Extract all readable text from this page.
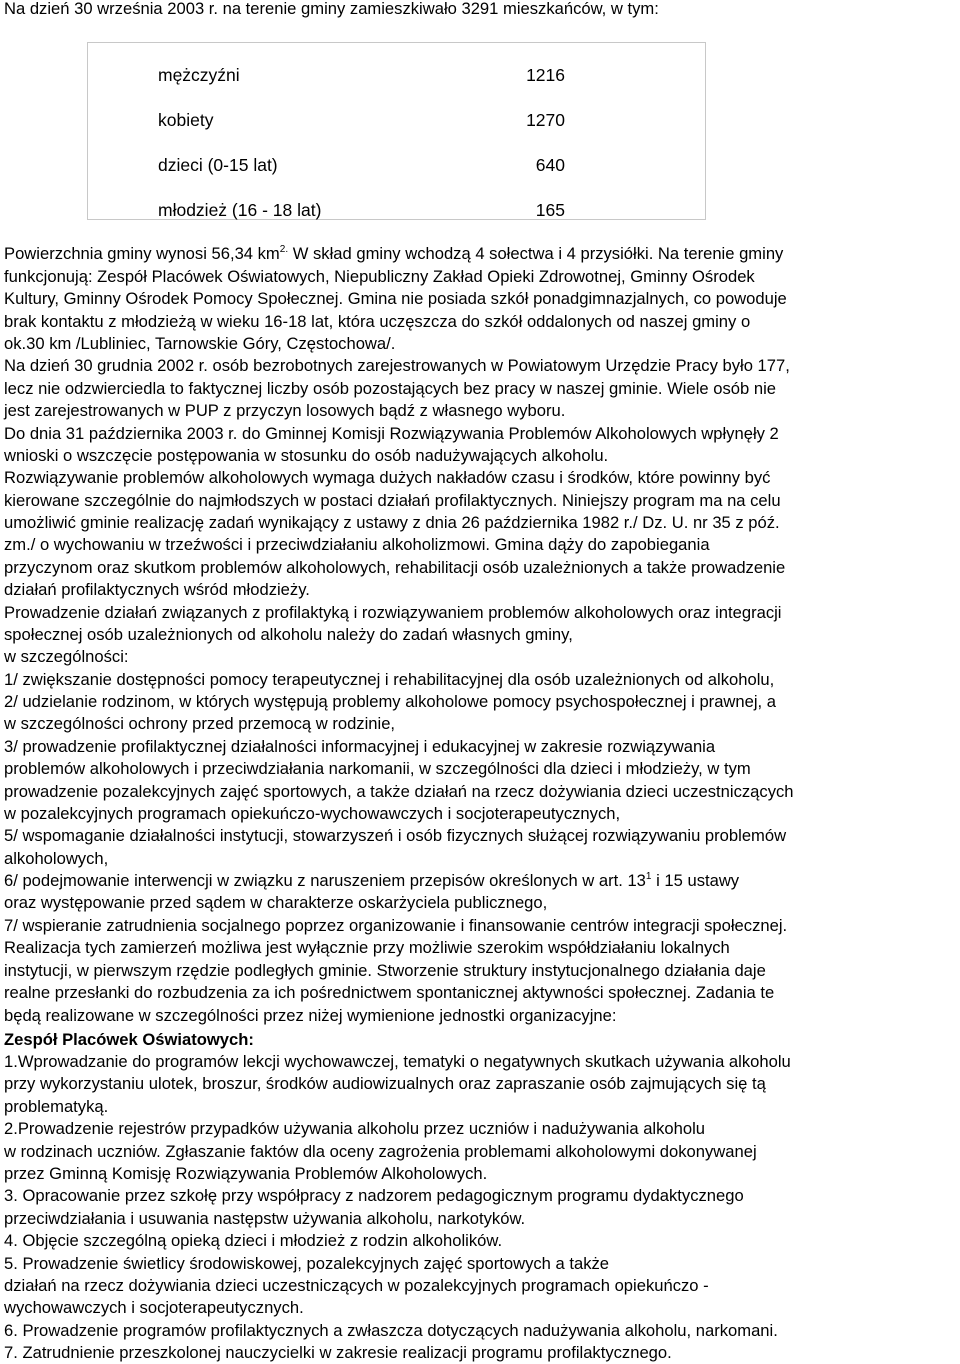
Na dzień 30 września 2003 r. na terenie gminy zamieszkiwało 3291 mieszkańców, w tym:
mężczyźni	1216
kobiety	1270
dzieci (0-15 lat)	640
młodzież (16 - 18 lat)	165
Powierzchnia gminy wynosi 56,34 $km^{2.}$ W skład gminy wchodzą 4 sołectwa i 4 przysiółki. Na terenie gminy
funkcjonują: Zespół Placówek Oświatowych, Niepubliczny Zakład Opieki Zdrowotnej, Gminny Ośrodek
Kultury, Gminny Ośrodek Pomocy Społecznej. Gmina nie posiada szkół ponadgimnazjalnych, co powoduje
brak kontaktu z młodzieżą w wieku 16-18 lat, która uczęszcza do szkół oddalonych od naszej gminy o
ok.30 km /Lubliniec, Tarnowskie Góry, Częstochowa/.
Na dzień 30 grudnia 2002 r. osób bezrobotnych zarejestrowanych w Powiatowym Urzędzie Pracy było 177,
lecz nie odzwierciedla to faktycznej liczby osób pozostających bez pracy w naszej gminie. Wiele osób nie
jest zarejestrowanych w PUP z przyczyn losowych bądź z własnego wyboru.
Do dnia 31 października 2003 r. do Gminnej Komisji Rozwiązywania Problemów Alkoholowych wpłynęły 2
wnioski o wszczęcie postępowania w stosunku do osób nadużywających alkoholu.
Rozwiązywanie problemów alkoholowych wymaga dużych nakładów czasu i środków, które powinny być
kierowane szczególnie do najmłodszych w postaci działań profilaktycznych. Niniejszy program ma na celu
umożliwić gminie realizację zadań wynikający z ustawy z dnia 26 października 1982 r./ Dz. U. nr 35 z póź.
zm./ o wychowaniu w trzeźwości i przeciwdziałaniu alkoholizmowi. Gmina dąży do zapobiegania
przyczynom oraz skutkom problemów alkoholowych, rehabilitacji osób uzależnionych a także prowadzenie
działań profilaktycznych wśród młodzieży.
Prowadzenie działań związanych z profilaktyką i rozwiązywaniem problemów alkoholowych oraz integracji
społecznej osób uzależnionych od alkoholu należy do zadań własnych gminy,
w szczególności:
1/ zwiększanie dostępności pomocy terapeutycznej i rehabilitacyjnej dla osób uzależnionych od alkoholu,
2/ udzielanie rodzinom, w których występują problemy alkoholowe pomocy psychospołecznej i prawnej, a
w szczególności ochrony przed przemocą w rodzinie,
3/ prowadzenie profilaktycznej działalności informacyjnej i edukacyjnej w zakresie rozwiązywania
problemów alkoholowych i przeciwdziałania narkomanii, w szczególności dla dzieci i młodzieży, w tym
prowadzenie pozalekcyjnych zajęć sportowych, a także działań na rzecz dożywiania dzieci uczestniczących
w pozalekcyjnych programach opiekuńczo-wychowawczych i socjoterapeutycznych,
5/ wspomaganie działalności instytucji, stowarzyszeń i osób fizycznych służącej rozwiązywaniu problemów
alkoholowych,
6/ podejmowanie interwencji w związku z naruszeniem przepisów określonych w art. $13^1$ i 15 ustawy
oraz występowanie przed sądem w charakterze oskarżyciela publicznego,
7/ wspieranie zatrudnienia socjalnego poprzez organizowanie i finansowanie centrów integracji społecznej.
Realizacja tych zamierzeń możliwa jest wyłącznie przy możliwie szerokim współdziałaniu lokalnych
instytucji, w pierwszym rzędzie podległych gminie. Stworzenie struktury instytucjonalnego działania daje
realne przesłanki do rozbudzenia za ich pośrednictwem spontanicznej aktywności społecznej. Zadania te
będą realizowane w szczególności przez niżej wymienione jednostki organizacyjne:
Zespół Placówek Oświatowych:
1.Wprowadzanie do programów lekcji wychowawczej, tematyki o negatywnych skutkach używania alkoholu
przy wykorzystaniu ulotek, broszur, środków audiowizualnych oraz zapraszanie osób zajmujących się tą
problematyką.
2.Prowadzenie rejestrów przypadków używania alkoholu przez uczniów i nadużywania alkoholu
w rodzinach uczniów. Zgłaszanie faktów dla oceny zagrożenia problemami alkoholowymi dokonywanej
przez Gminną Komisję Rozwiązywania Problemów Alkoholowych.
3. Opracowanie przez szkołę przy współpracy z nadzorem pedagogicznym programu dydaktycznego
przeciwdziałania i usuwania następstw używania alkoholu, narkotyków.
4. Objęcie szczególną opieką dzieci i młodzież z rodzin alkoholików.
5. Prowadzenie świetlicy środowiskowej, pozalekcyjnych zajęć sportowych a także
działań na rzecz dożywiania dzieci uczestniczących w pozalekcyjnych programach opiekuńczo -
wychowawczych i socjoterapeutycznych.
6. Prowadzenie programów profilaktycznych a zwłaszcza dotyczących nadużywania alkoholu, narkomani.
7. Zatrudnienie przeszkolonej nauczycielki w zakresie realizacji programu profilaktycznego.
